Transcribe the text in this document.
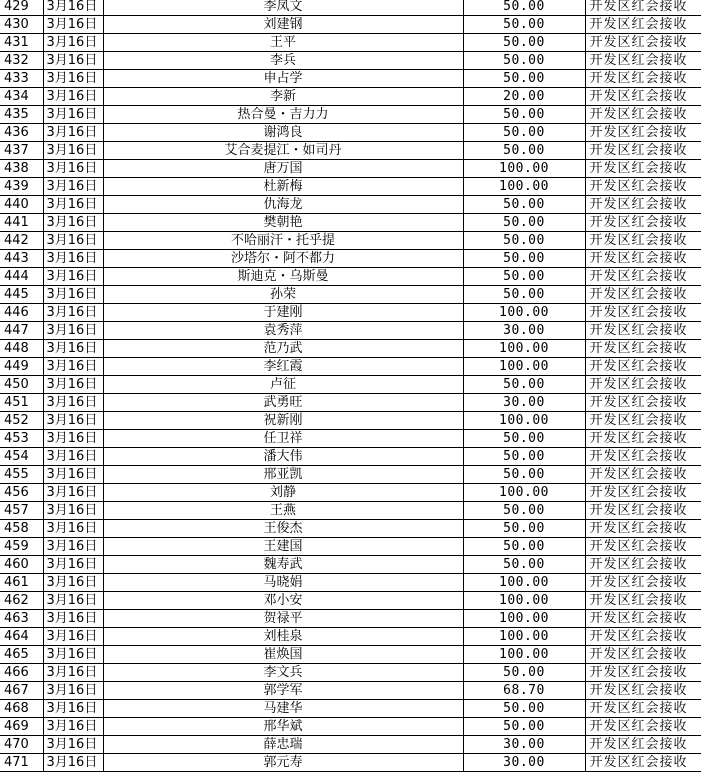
429	3月16日	李凤文	50.00	开发区红会接收
430	3月16日	刘建钢	50.00	开发区红会接收
431	3月16日	王平	50.00	开发区红会接收
432	3月16日	李兵	50.00	开发区红会接收
433	3月16日	申占学	50.00	开发区红会接收
434	3月16日	李新	20.00	开发区红会接收
435	3月16日	热合曼・吉力力	50.00	开发区红会接收
436	3月16日	谢鸿良	50.00	开发区红会接收
437	3月16日	艾合麦提江・如司丹	50.00	开发区红会接收
438	3月16日	唐万国	100.00	开发区红会接收
439	3月16日	杜新梅	100.00	开发区红会接收
440	3月16日	仇海龙	50.00	开发区红会接收
441	3月16日	樊朝艳	50.00	开发区红会接收
442	3月16日	不哈丽汗・托乎提	50.00	开发区红会接收
443	3月16日	沙塔尔・阿不都力	50.00	开发区红会接收
444	3月16日	斯迪克・乌斯曼	50.00	开发区红会接收
445	3月16日	孙荣	50.00	开发区红会接收
446	3月16日	于建刚	100.00	开发区红会接收
447	3月16日	袁秀萍	30.00	开发区红会接收
448	3月16日	范乃武	100.00	开发区红会接收
449	3月16日	李红霞	100.00	开发区红会接收
450	3月16日	卢征	50.00	开发区红会接收
451	3月16日	武勇旺	30.00	开发区红会接收
452	3月16日	祝新刚	100.00	开发区红会接收
453	3月16日	任卫祥	50.00	开发区红会接收
454	3月16日	潘大伟	50.00	开发区红会接收
455	3月16日	邢亚凯	50.00	开发区红会接收
456	3月16日	刘静	100.00	开发区红会接收
457	3月16日	王燕	50.00	开发区红会接收
458	3月16日	王俊杰	50.00	开发区红会接收
459	3月16日	王建国	50.00	开发区红会接收
460	3月16日	魏寿武	50.00	开发区红会接收
461	3月16日	马晓娟	100.00	开发区红会接收
462	3月16日	邓小安	100.00	开发区红会接收
463	3月16日	贺禄平	100.00	开发区红会接收
464	3月16日	刘桂泉	100.00	开发区红会接收
465	3月16日	崔焕国	100.00	开发区红会接收
466	3月16日	李文兵	50.00	开发区红会接收
467	3月16日	郭学军	68.70	开发区红会接收
468	3月16日	马建华	50.00	开发区红会接收
469	3月16日	邢华斌	50.00	开发区红会接收
470	3月16日	薛忠瑞	30.00	开发区红会接收
471	3月16日	郭元寿	30.00	开发区红会接收
